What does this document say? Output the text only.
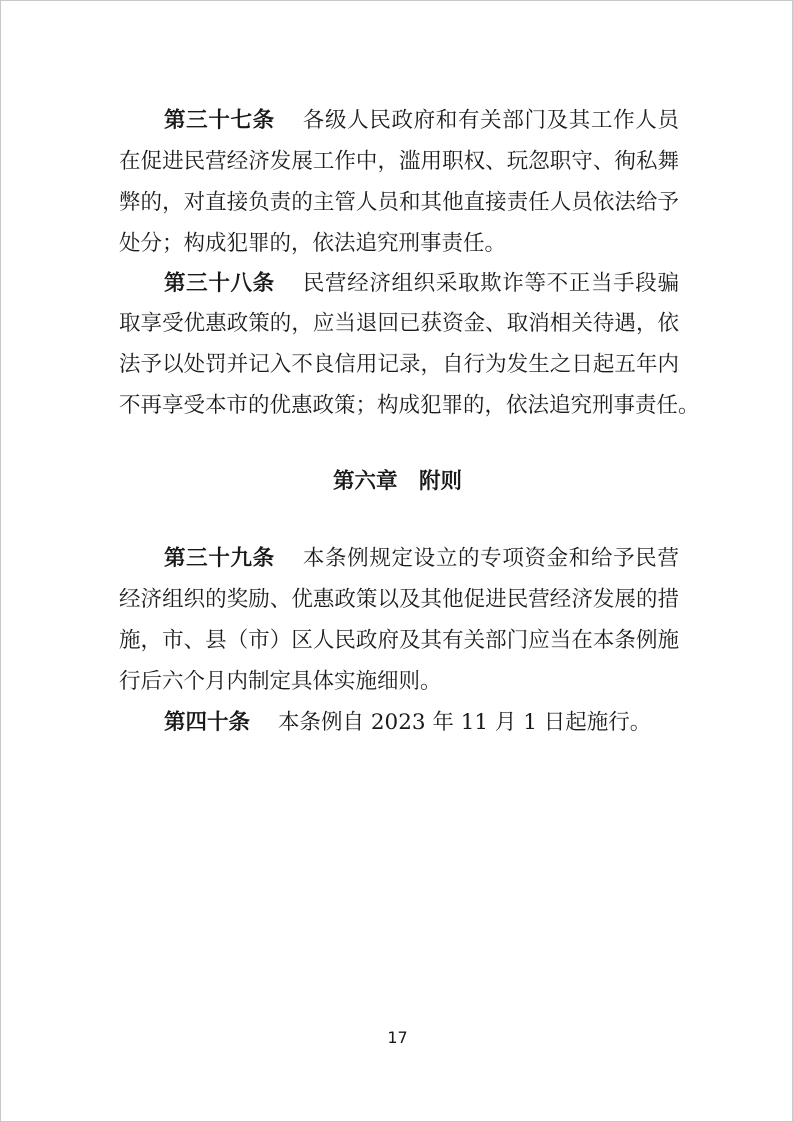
第三十七条 各级人民政府和有关部门及其工作人员
在促进民营经济发展工作中，滥用职权、玩忽职守、徇私舞
弊的，对直接负责的主管人员和其他直接责任人员依法给予
处分；构成犯罪的，依法追究刑事责任。
第三十八条 民营经济组织采取欺诈等不正当手段骗
取享受优惠政策的，应当退回已获资金、取消相关待遇，依
法予以处罚并记入不良信用记录，自行为发生之日起五年内
不再享受本市的优惠政策；构成犯罪的，依法追究刑事责任。
第六章　附则
第三十九条 本条例规定设立的专项资金和给予民营
经济组织的奖励、优惠政策以及其他促进民营经济发展的措
施，市、县（市）区人民政府及其有关部门应当在本条例施
行后六个月内制定具体实施细则。
第四十条 本条例自 2023 年 11 月 1 日起施行。
17
